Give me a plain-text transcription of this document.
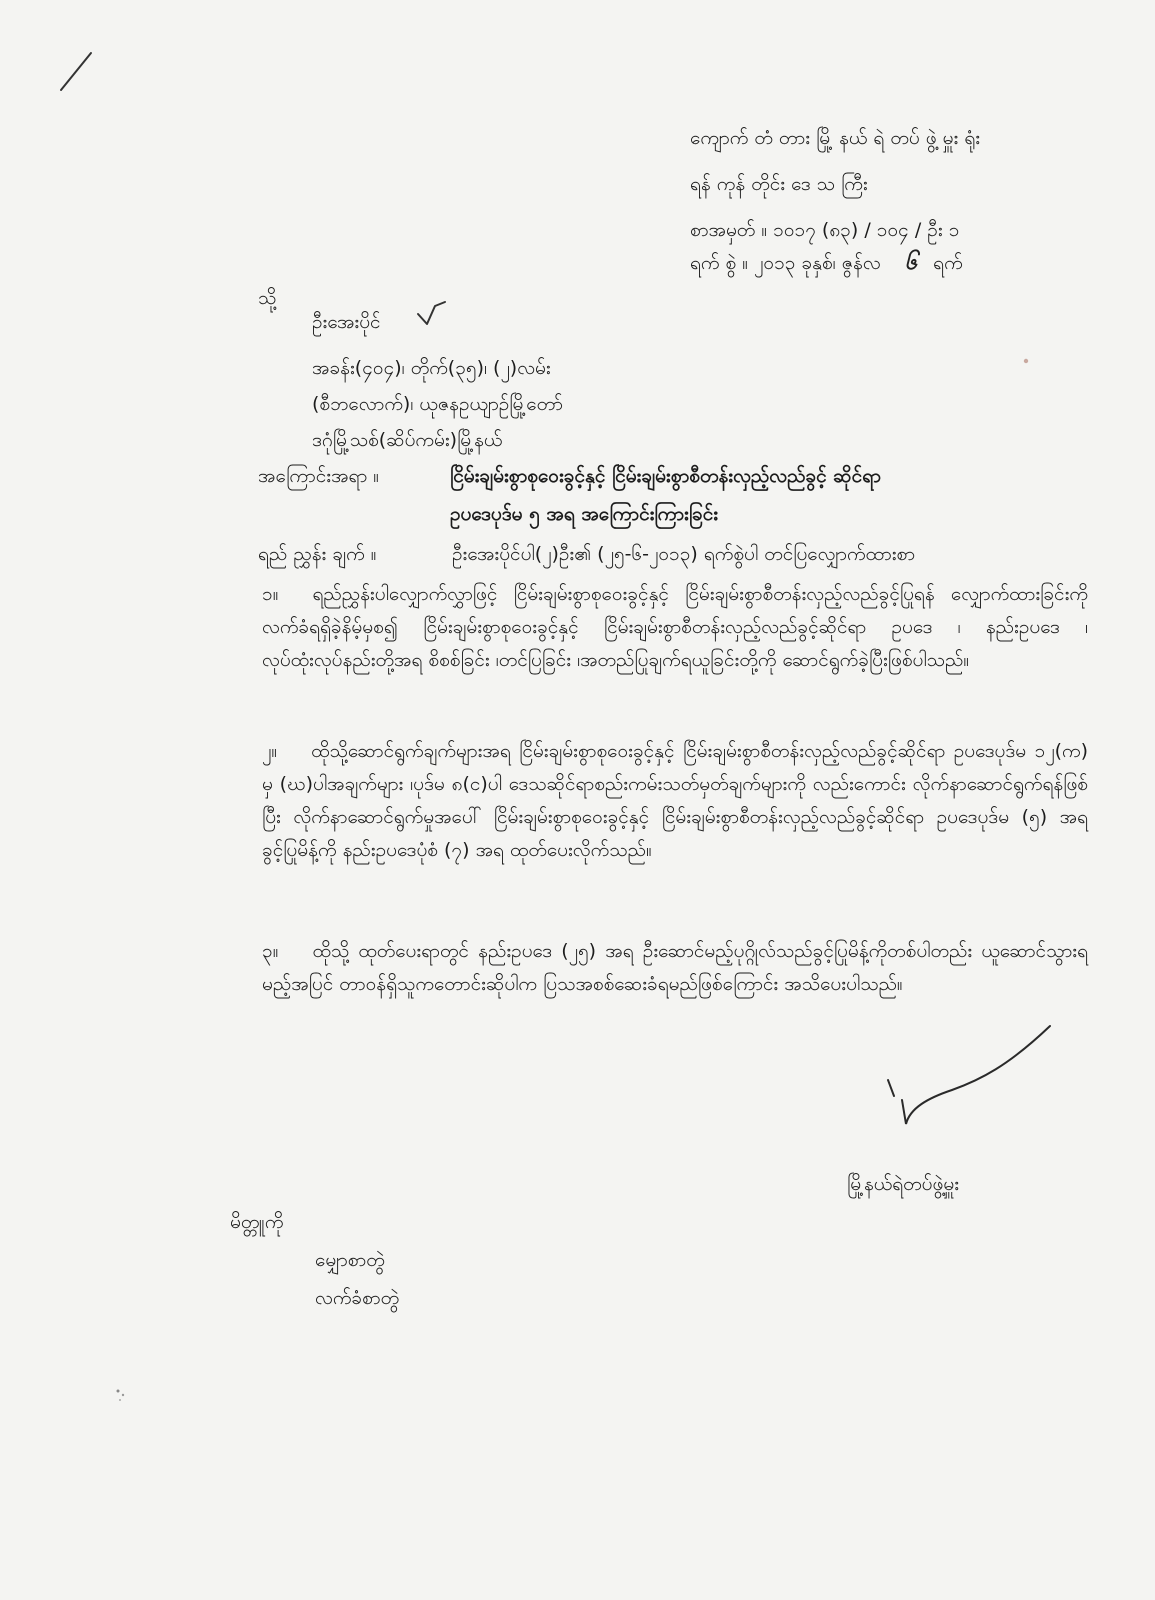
ကျောက် တံ တား မြို့ နယ် ရဲ တပ် ဖွဲ့ မှူး ရုံး
ရန် ကုန် တိုင်း ဒေ သ ကြီး
စာအမှတ် ။ ၁၀၁၇ (၈၃) / ၁၀၄ / ဦး ၁
ရက် စွဲ ။ ၂၀၁၃ ခုနှစ်၊ ဇွန်လ ၆ ရက်
သို့
ဦးအေးပိုင်
အခန်း(၄၀၄)၊ တိုက်(၃၅)၊ (၂)လမ်း
(စီဘလောက်)၊ ယုဇနဥယျာဉ်မြို့တော်
ဒဂုံမြို့သစ်(ဆိပ်ကမ်း)မြို့နယ်
အကြောင်းအရာ ။	ငြိမ်းချမ်းစွာစုဝေးခွင့်နှင့် ငြိမ်းချမ်းစွာစီတန်းလှည့်လည်ခွင့် ဆိုင်ရာ
ဥပဒေပုဒ်မ ၅ အရ အကြောင်းကြားခြင်း
ရည် ညွှန်း ချက် ။	ဦးအေးပိုင်ပါ(၂)ဦး၏ (၂၅-၆-၂၀၁၃) ရက်စွဲပါ တင်ပြလျှောက်ထားစာ
၁။ ရည်ညွှန်းပါလျှောက်လွှာဖြင့် ငြိမ်းချမ်းစွာစုဝေးခွင့်နှင့် ငြိမ်းချမ်းစွာစီတန်းလှည့်လည်ခွင့်ပြုရန် လျှောက်ထားခြင်းကို လက်ခံရရှိခဲ့နိမ့်မှစ၍ ငြိမ်းချမ်းစွာစုဝေးခွင့်နှင့် ငြိမ်းချမ်းစွာစီတန်းလှည့်လည်ခွင့်ဆိုင်ရာ ဥပဒေ ၊ နည်းဥပဒေ ၊ လုပ်ထုံးလုပ်နည်းတို့အရ စိစစ်ခြင်း ၊တင်ပြခြင်း ၊အတည်ပြုချက်ရယူခြင်းတို့ကို ဆောင်ရွက်ခဲ့ပြီးဖြစ်ပါသည်။
၂။ ထိုသို့ဆောင်ရွက်ချက်များအရ ငြိမ်းချမ်းစွာစုဝေးခွင့်နှင့် ငြိမ်းချမ်းစွာစီတန်းလှည့်လည်ခွင့်ဆိုင်ရာ ဥပဒေပုဒ်မ ၁၂(က) မှ (ဃ)ပါအချက်များ ၊ပုဒ်မ ၈(င)ပါ ဒေသဆိုင်ရာစည်းကမ်းသတ်မှတ်ချက်များကို လည်းကောင်း လိုက်နာဆောင်ရွက်ရန်ဖြစ်ပြီး လိုက်နာဆောင်ရွက်မှုအပေါ် ငြိမ်းချမ်းစွာစုဝေးခွင့်နှင့် ငြိမ်းချမ်းစွာစီတန်းလှည့်လည်ခွင့်ဆိုင်ရာ ဥပဒေပုဒ်မ (၅) အရ ခွင့်ပြုမိန့်ကို နည်းဥပဒေပုံစံ (၇) အရ ထုတ်ပေးလိုက်သည်။
၃။ ထိုသို့ ထုတ်ပေးရာတွင် နည်းဥပဒေ (၂၅) အရ ဦးဆောင်မည့်ပုဂ္ဂိုလ်သည်ခွင့်ပြုမိန့်ကိုတစ်ပါတည်း ယူဆောင်သွားရမည့်အပြင် တာဝန်ရှိသူကတောင်းဆိုပါက ပြသအစစ်ဆေးခံရမည်ဖြစ်ကြောင်း အသိပေးပါသည်။
မြို့နယ်ရဲတပ်ဖွဲ့မှူး
မိတ္တူကို
မျှောစာတွဲ
လက်ခံစာတွဲ
